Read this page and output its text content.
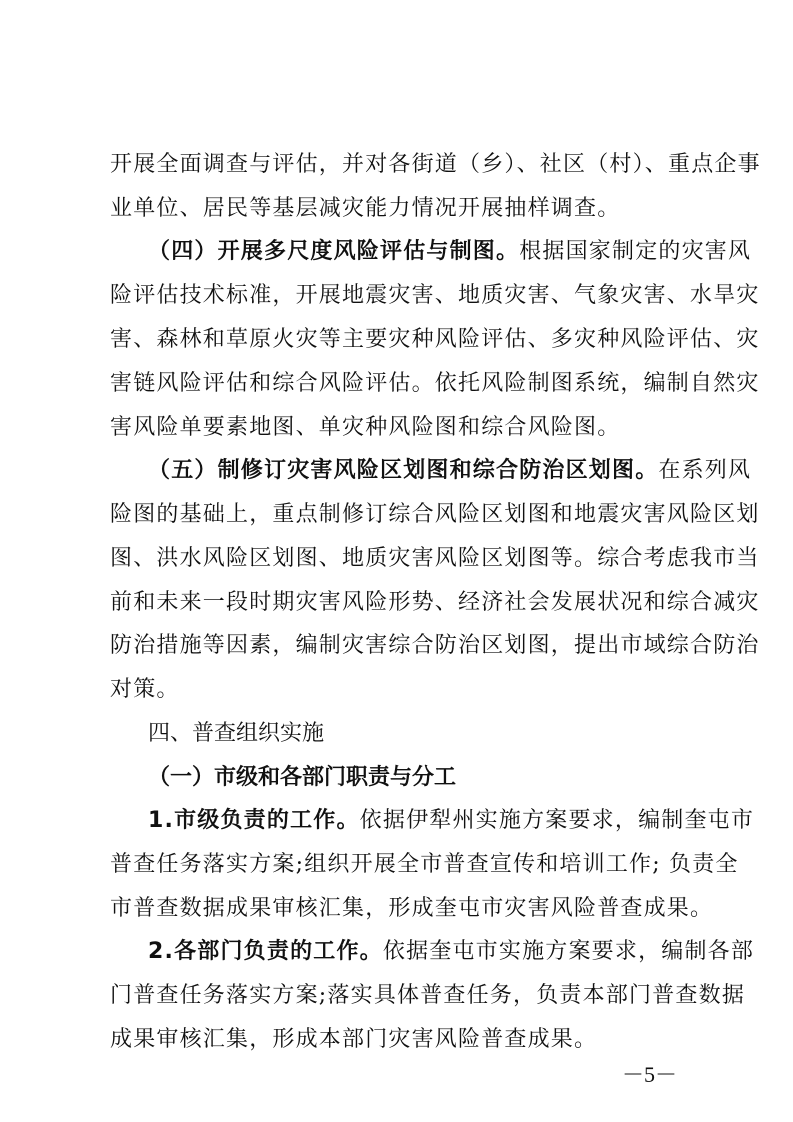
开展全面调查与评估，并对各街道（乡）、社区（村）、重点企事
业单位、居民等基层减灾能力情况开展抽样调查。
（四）开展多尺度风险评估与制图。根据国家制定的灾害风
险评估技术标准，开展地震灾害、地质灾害、气象灾害、水旱灾
害、森林和草原火灾等主要灾种风险评估、多灾种风险评估、灾
害链风险评估和综合风险评估。依托风险制图系统，编制自然灾
害风险单要素地图、单灾种风险图和综合风险图。
（五）制修订灾害风险区划图和综合防治区划图。在系列风
险图的基础上，重点制修订综合风险区划图和地震灾害风险区划
图、洪水风险区划图、地质灾害风险区划图等。综合考虑我市当
前和未来一段时期灾害风险形势、经济社会发展状况和综合减灾
防治措施等因素，编制灾害综合防治区划图，提出市域综合防治
对策。
四、普查组织实施
（一）市级和各部门职责与分工
1.市级负责的工作。依据伊犁州实施方案要求，编制奎屯市
普查任务落实方案;组织开展全市普查宣传和培训工作; 负责全
市普查数据成果审核汇集，形成奎屯市灾害风险普查成果。
2.各部门负责的工作。依据奎屯市实施方案要求，编制各部
门普查任务落实方案;落实具体普查任务，负责本部门普查数据
成果审核汇集，形成本部门灾害风险普查成果。
－5－
